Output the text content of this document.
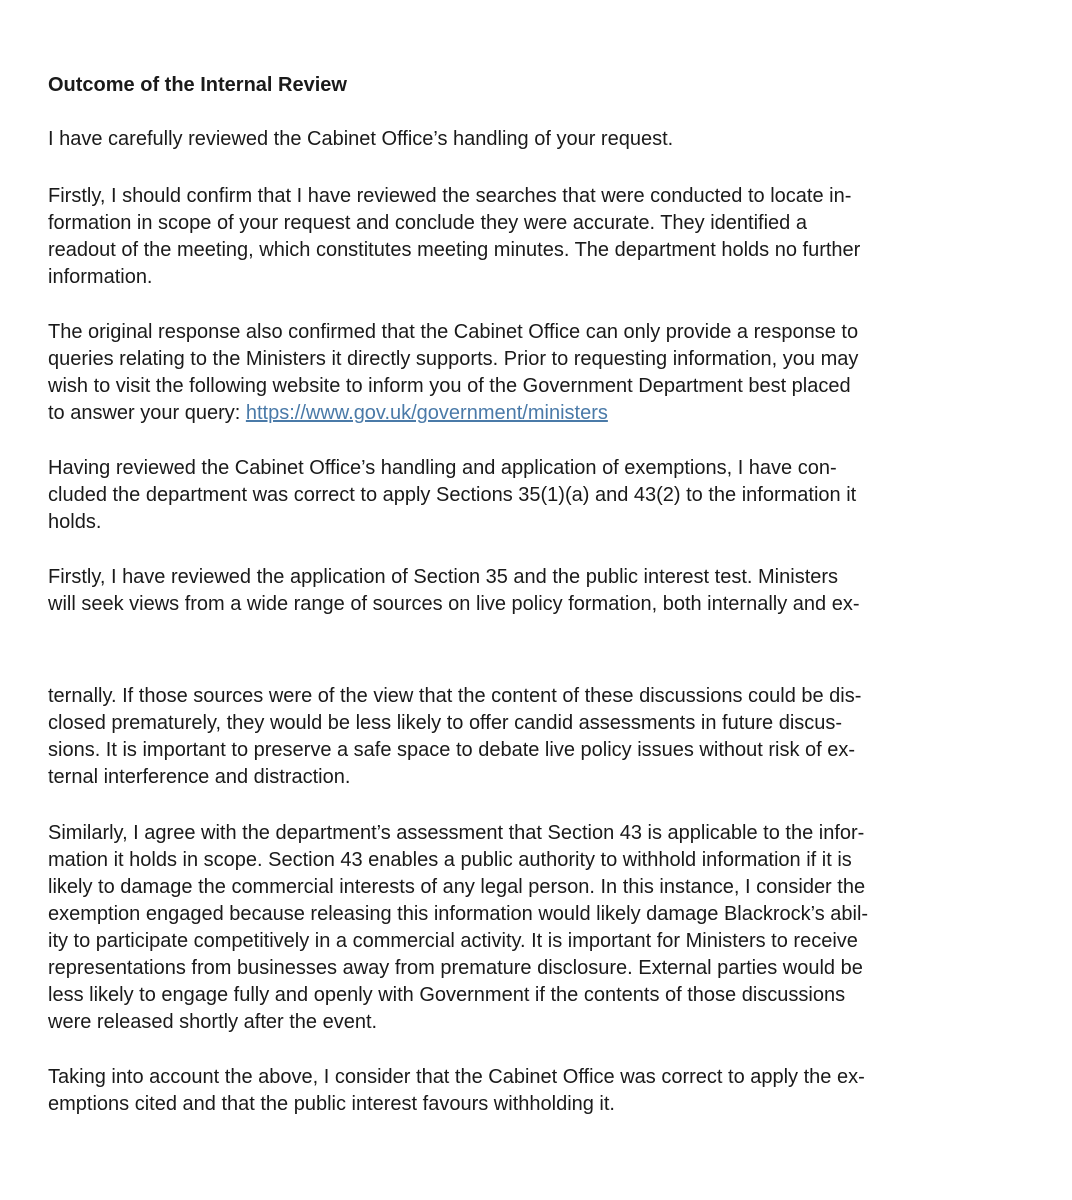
Outcome of the Internal Review

I have carefully reviewed the Cabinet Office’s handling of your request.

Firstly, I should confirm that I have reviewed the searches that were conducted to locate in-
formation in scope of your request and conclude they were accurate. They identified a
readout of the meeting, which constitutes meeting minutes. The department holds no further
information.

The original response also confirmed that the Cabinet Office can only provide a response to
queries relating to the Ministers it directly supports. Prior to requesting information, you may
wish to visit the following website to inform you of the Government Department best placed
to answer your query: https://www.gov.uk/government/ministers

Having reviewed the Cabinet Office’s handling and application of exemptions, I have con-
cluded the department was correct to apply Sections 35(1)(a) and 43(2) to the information it
holds.

Firstly, I have reviewed the application of Section 35 and the public interest test. Ministers
will seek views from a wide range of sources on live policy formation, both internally and ex-

ternally. If those sources were of the view that the content of these discussions could be dis-
closed prematurely, they would be less likely to offer candid assessments in future discus-
sions. It is important to preserve a safe space to debate live policy issues without risk of ex-
ternal interference and distraction.

Similarly, I agree with the department’s assessment that Section 43 is applicable to the infor-
mation it holds in scope. Section 43 enables a public authority to withhold information if it is
likely to damage the commercial interests of any legal person. In this instance, I consider the
exemption engaged because releasing this information would likely damage Blackrock’s abil-
ity to participate competitively in a commercial activity. It is important for Ministers to receive
representations from businesses away from premature disclosure. External parties would be
less likely to engage fully and openly with Government if the contents of those discussions
were released shortly after the event.

Taking into account the above, I consider that the Cabinet Office was correct to apply the ex-
emptions cited and that the public interest favours withholding it.
